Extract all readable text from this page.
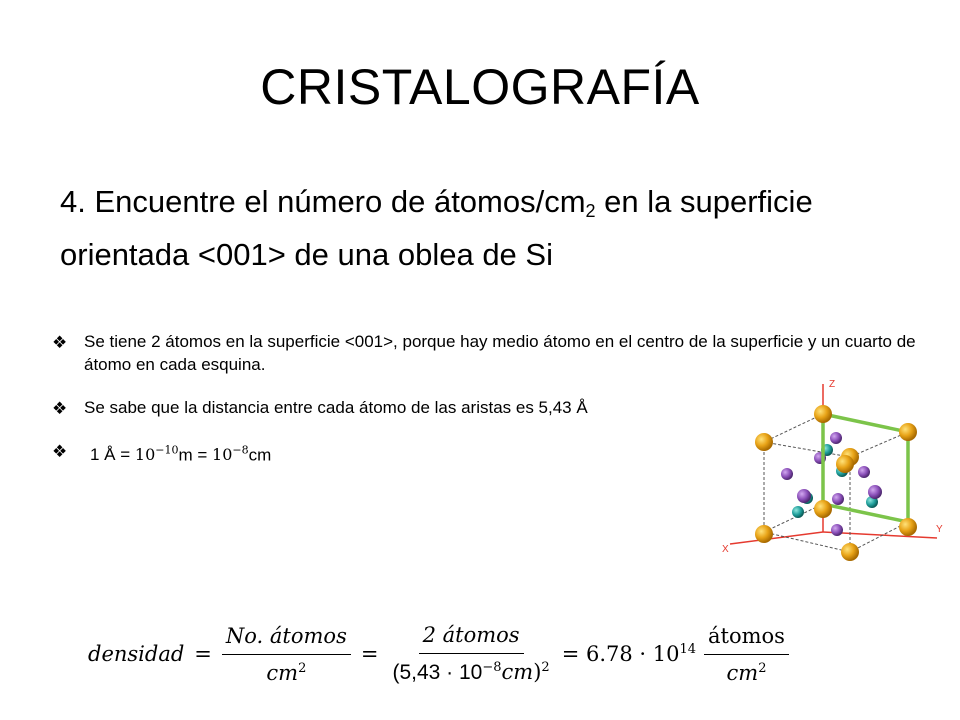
CRISTALOGRAFÍA
4. Encuentre el número de átomos/$cm_2$ en la superficie orientada <001> de una oblea de Si
❖ Se tiene 2 átomos en la superficie <001>, porque hay medio átomo en el centro de la superficie y un cuarto de átomo en cada esquina.
❖ Se sabe que la distancia entre cada átomo de las aristas es 5,43 Å
❖ 1 Å = $10^{-10}m = 10^{-8}cm$
Z
Y
X
densidad = $\frac{\text{No. átomos}}{cm^2} = \frac{\text{2 átomos}}{(5,43 \cdot 10^{-8}cm)^2} = 6.78 \cdot 10^{14} \frac{\text{átomos}}{cm^2}$
